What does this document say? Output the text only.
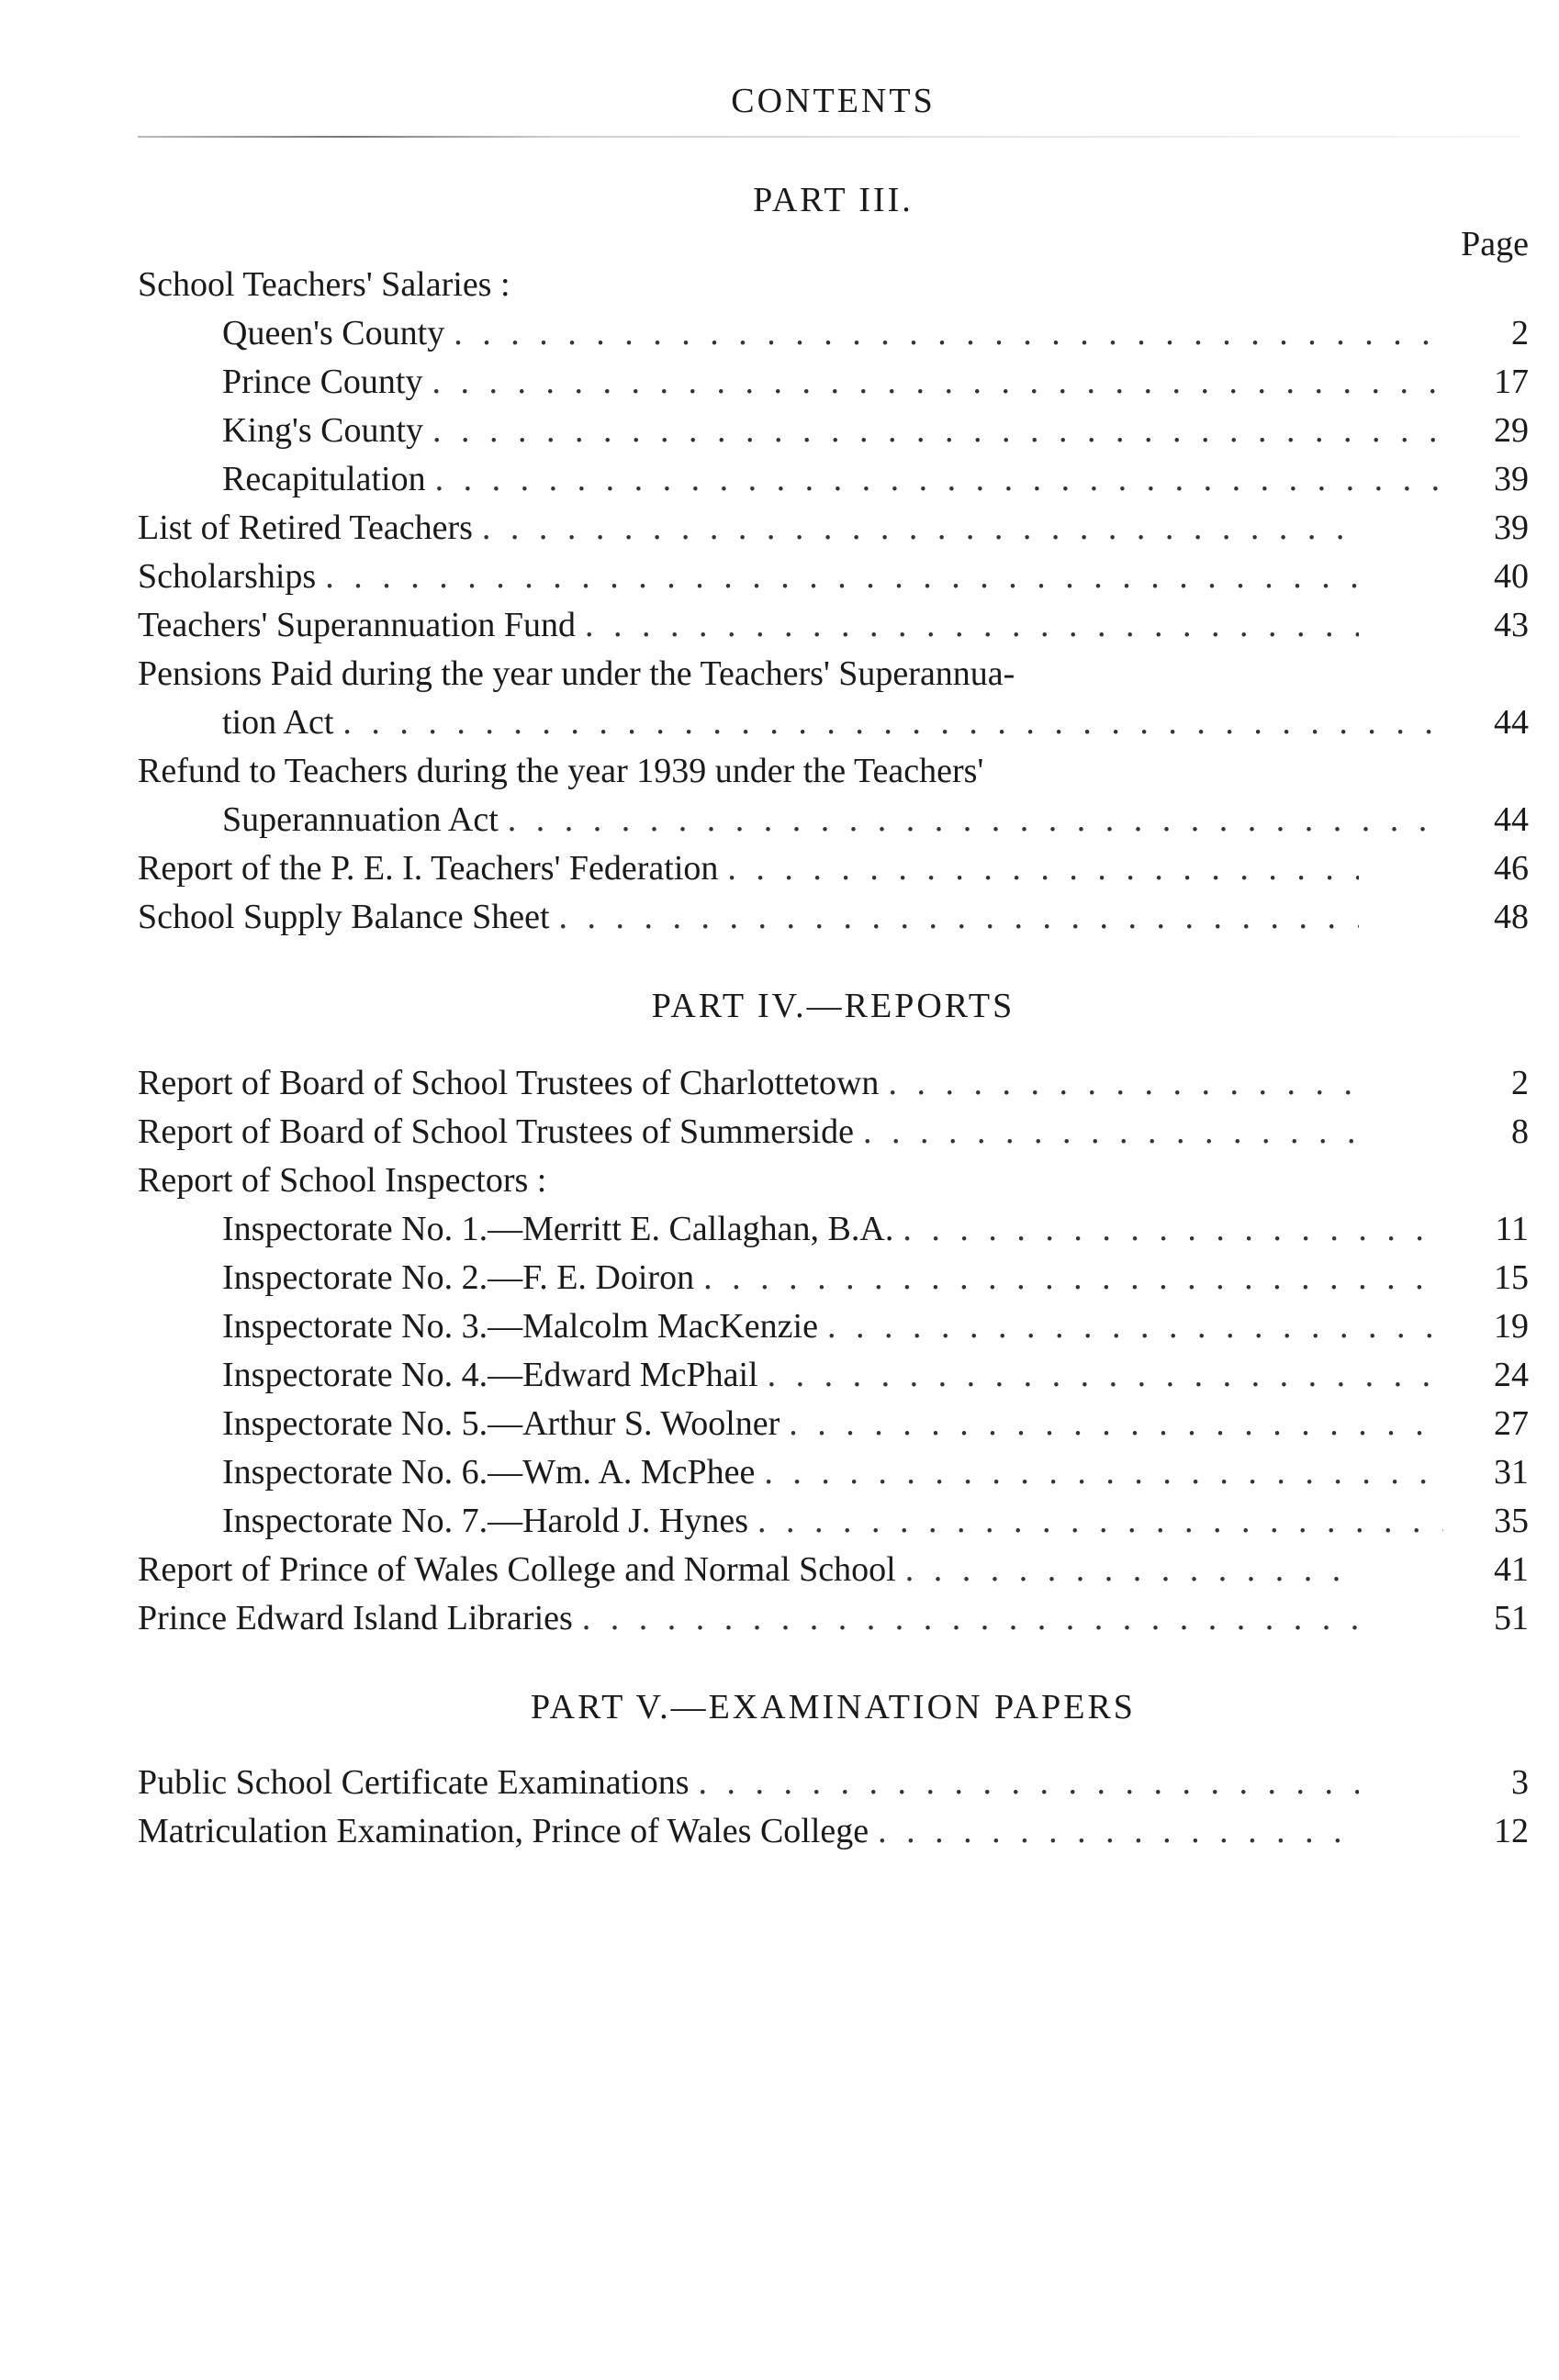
CONTENTS
PART III.
Page
School Teachers' Salaries :
Queen's County . . .	2
Prince County . . .	17
King's County . . .	29
Recapitulation . . .	39
List of Retired Teachers . . .	39
Scholarships . . .	40
Teachers' Superannuation Fund . . .	43
Pensions Paid during the year under the Teachers' Superannua-
tion Act . . .	44
Refund to Teachers during the year 1939 under the Teachers'
Superannuation Act . . .	44
Report of the P. E. I. Teachers' Federation . . .	46
School Supply Balance Sheet . . .	48
PART IV.—REPORTS
Report of Board of School Trustees of Charlottetown . . .	2
Report of Board of School Trustees of Summerside . . .	8
Report of School Inspectors :
Inspectorate No. 1.—Merritt E. Callaghan, B.A. . . .	11
Inspectorate No. 2.—F. E. Doiron . . .	15
Inspectorate No. 3.—Malcolm MacKenzie . . .	19
Inspectorate No. 4.—Edward McPhail . . .	24
Inspectorate No. 5.—Arthur S. Woolner . . .	27
Inspectorate No. 6.—Wm. A. McPhee . . .	31
Inspectorate No. 7.—Harold J. Hynes . . .	35
Report of Prince of Wales College and Normal School . . .	41
Prince Edward Island Libraries . . .	51
PART V.—EXAMINATION PAPERS
Public School Certificate Examinations . . .	3
Matriculation Examination, Prince of Wales College . . .	12
